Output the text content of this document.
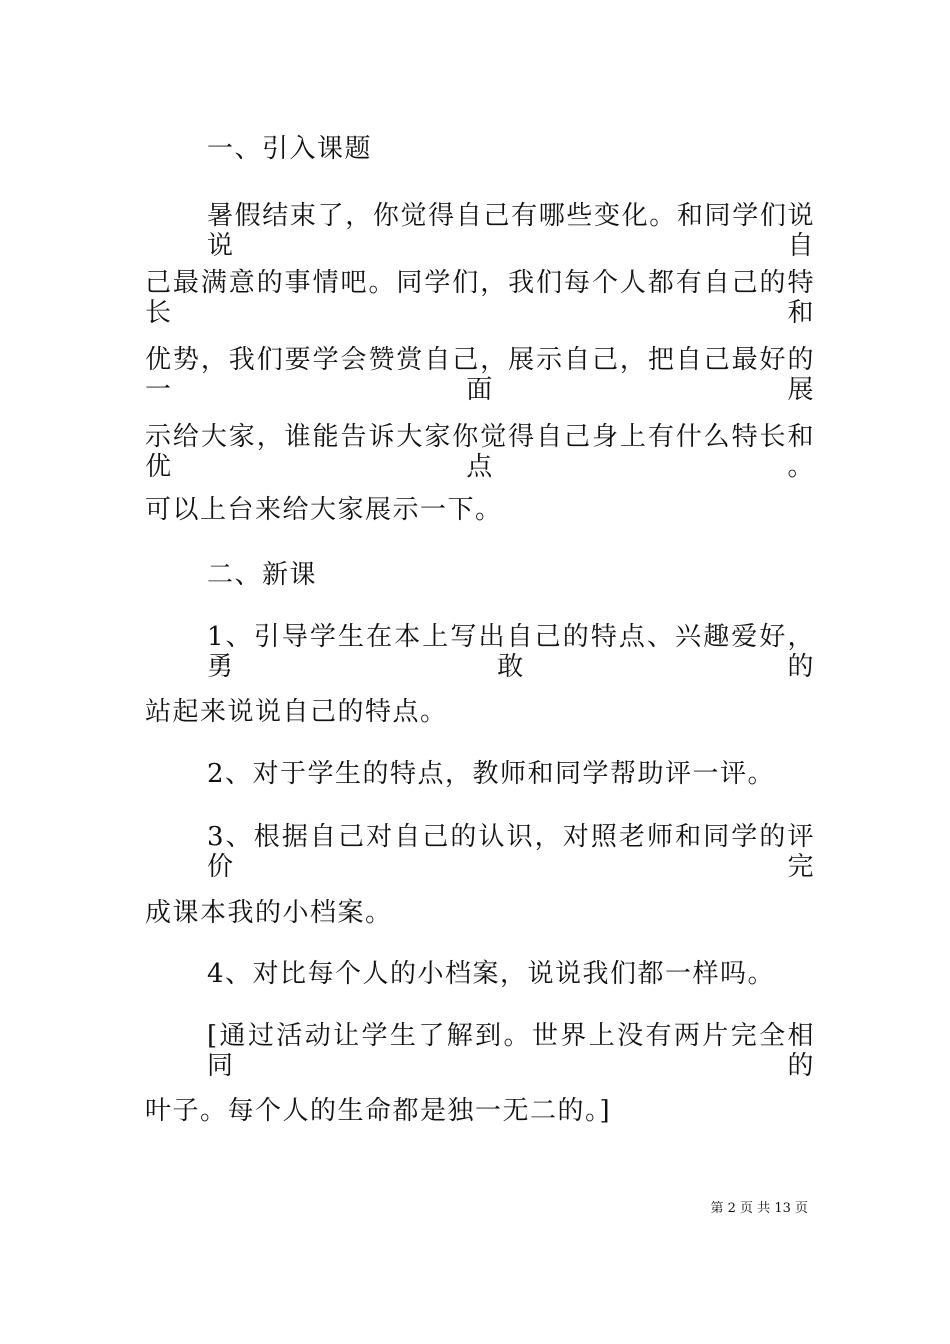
一、引入课题

暑假结束了，你觉得自己有哪些变化。和同学们说说自

己最满意的事情吧。同学们，我们每个人都有自己的特长和

优势，我们要学会赞赏自己，展示自己，把自己最好的一面展

示给大家，谁能告诉大家你觉得自己身上有什么特长和优点。

可以上台来给大家展示一下。

二、新课

1、引导学生在本上写出自己的特点、兴趣爱好，勇敢的

站起来说说自己的特点。

2、对于学生的特点，教师和同学帮助评一评。

3、根据自己对自己的认识，对照老师和同学的评价完

成课本我的小档案。

4、对比每个人的小档案，说说我们都一样吗。

[通过活动让学生了解到。世界上没有两片完全相同的

叶子。每个人的生命都是独一无二的。]

第 2 页 共 13 页
